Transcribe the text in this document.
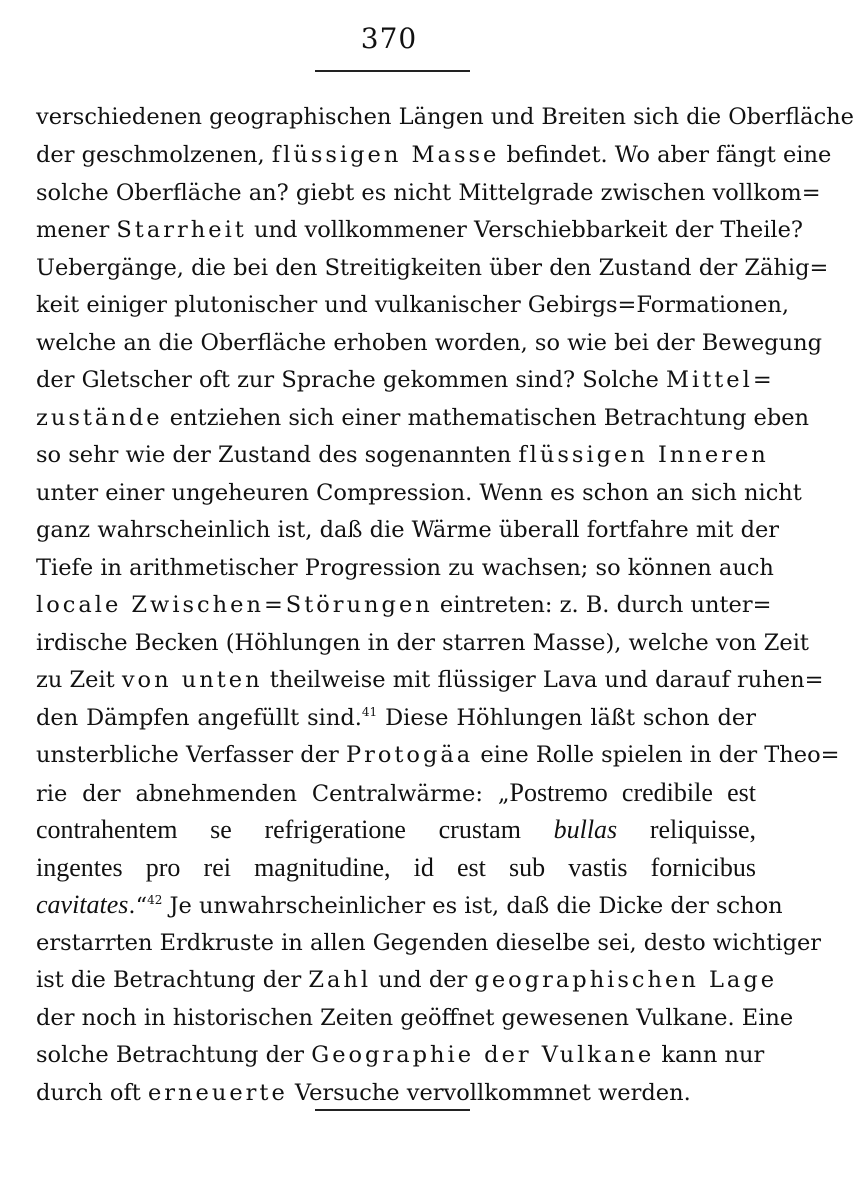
370
verschiedenen geographischen Längen und Breiten sich die Oberfläche
der geschmolzenen, flüssigen Masse befindet. Wo aber fängt eine
solche Oberfläche an? giebt es nicht Mittelgrade zwischen vollkom=
mener Starrheit und vollkommener Verschiebbarkeit der Theile?
Uebergänge, die bei den Streitigkeiten über den Zustand der Zähig=
keit einiger plutonischer und vulkanischer Gebirgs=Formationen,
welche an die Oberfläche erhoben worden, so wie bei der Bewegung
der Gletscher oft zur Sprache gekommen sind? Solche Mittel=
zustände entziehen sich einer mathematischen Betrachtung eben
so sehr wie der Zustand des sogenannten flüssigen Inneren
unter einer ungeheuren Compression. Wenn es schon an sich nicht
ganz wahrscheinlich ist, daß die Wärme überall fortfahre mit der
Tiefe in arithmetischer Progression zu wachsen; so können auch
locale Zwischen=Störungen eintreten: z. B. durch unter=
irdische Becken (Höhlungen in der starren Masse), welche von Zeit
zu Zeit von unten theilweise mit flüssiger Lava und darauf ruhen=
den Dämpfen angefüllt sind.$^{41}$ Diese Höhlungen läßt schon der
unsterbliche Verfasser der Protogäa eine Rolle spielen in der Theo=
rie der abnehmenden Centralwärme: „Postremo credibile est
contrahentem se refrigeratione crustam bullas reliquisse,
ingentes pro rei magnitudine, id est sub vastis fornicibus
cavitates.“$^{42}$ Je unwahrscheinlicher es ist, daß die Dicke der schon
erstarrten Erdkruste in allen Gegenden dieselbe sei, desto wichtiger
ist die Betrachtung der Zahl und der geographischen Lage
der noch in historischen Zeiten geöffnet gewesenen Vulkane. Eine
solche Betrachtung der Geographie der Vulkane kann nur
durch oft erneuerte Versuche vervollkommnet werden.
